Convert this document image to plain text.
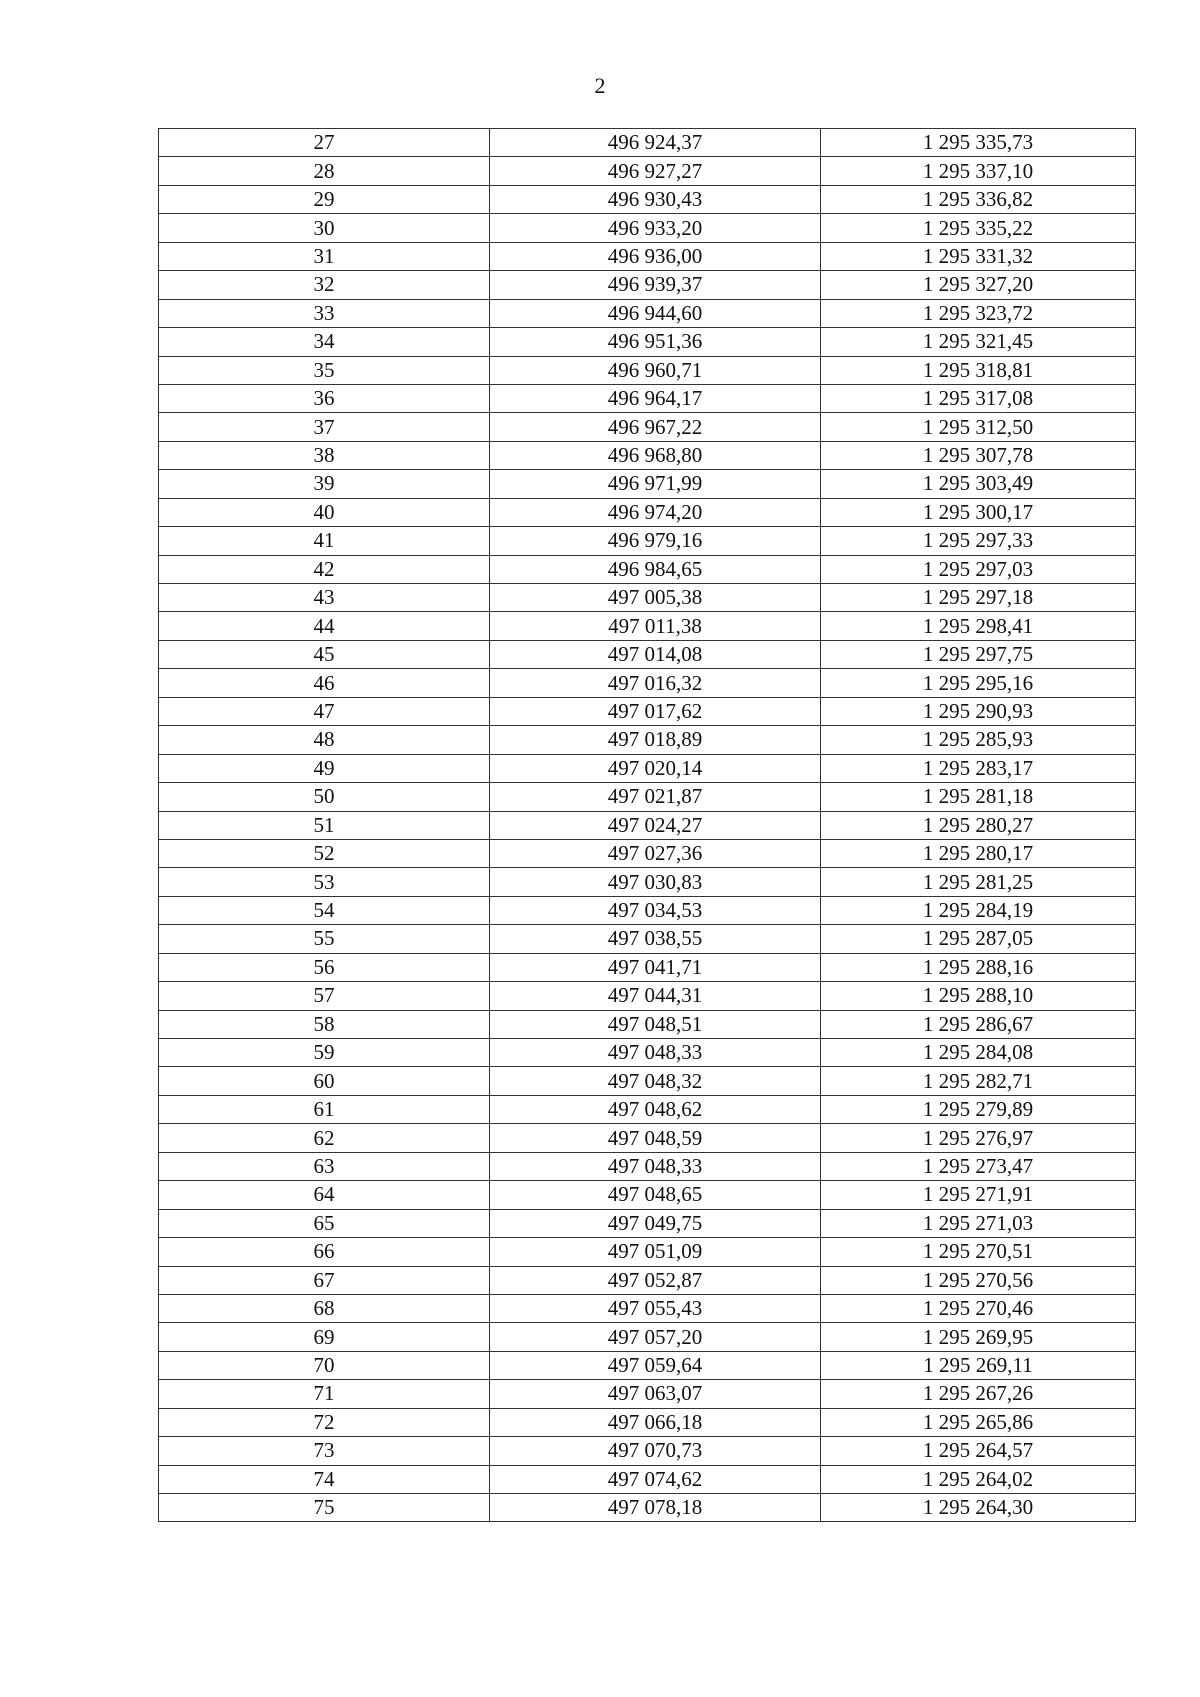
2
27	496 924,37	1 295 335,73
28	496 927,27	1 295 337,10
29	496 930,43	1 295 336,82
30	496 933,20	1 295 335,22
31	496 936,00	1 295 331,32
32	496 939,37	1 295 327,20
33	496 944,60	1 295 323,72
34	496 951,36	1 295 321,45
35	496 960,71	1 295 318,81
36	496 964,17	1 295 317,08
37	496 967,22	1 295 312,50
38	496 968,80	1 295 307,78
39	496 971,99	1 295 303,49
40	496 974,20	1 295 300,17
41	496 979,16	1 295 297,33
42	496 984,65	1 295 297,03
43	497 005,38	1 295 297,18
44	497 011,38	1 295 298,41
45	497 014,08	1 295 297,75
46	497 016,32	1 295 295,16
47	497 017,62	1 295 290,93
48	497 018,89	1 295 285,93
49	497 020,14	1 295 283,17
50	497 021,87	1 295 281,18
51	497 024,27	1 295 280,27
52	497 027,36	1 295 280,17
53	497 030,83	1 295 281,25
54	497 034,53	1 295 284,19
55	497 038,55	1 295 287,05
56	497 041,71	1 295 288,16
57	497 044,31	1 295 288,10
58	497 048,51	1 295 286,67
59	497 048,33	1 295 284,08
60	497 048,32	1 295 282,71
61	497 048,62	1 295 279,89
62	497 048,59	1 295 276,97
63	497 048,33	1 295 273,47
64	497 048,65	1 295 271,91
65	497 049,75	1 295 271,03
66	497 051,09	1 295 270,51
67	497 052,87	1 295 270,56
68	497 055,43	1 295 270,46
69	497 057,20	1 295 269,95
70	497 059,64	1 295 269,11
71	497 063,07	1 295 267,26
72	497 066,18	1 295 265,86
73	497 070,73	1 295 264,57
74	497 074,62	1 295 264,02
75	497 078,18	1 295 264,30
